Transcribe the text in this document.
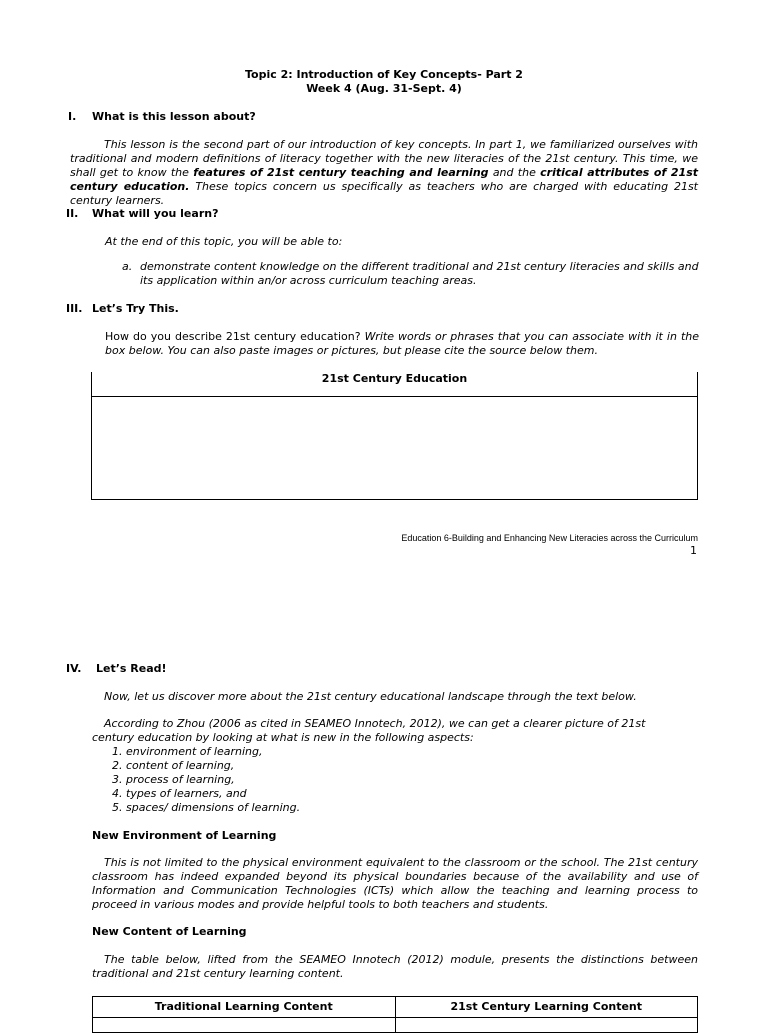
Topic 2: Introduction of Key Concepts- Part 2
Week 4 (Aug. 31-Sept. 4)
I. What is this lesson about?
This lesson is the second part of our introduction of key concepts. In part 1, we familiarized ourselves with traditional and modern definitions of literacy together with the new literacies of the 21st century. This time, we shall get to know the features of 21st century teaching and learning and the critical attributes of 21st century education. These topics concern us specifically as teachers who are charged with educating 21st century learners.
II. What will you learn?
At the end of this topic, you will be able to:
a. demonstrate content knowledge on the different traditional and 21st century literacies and skills and its application within an/or across curriculum teaching areas.
III. Let’s Try This.
How do you describe 21st century education? Write words or phrases that you can associate with it in the box below. You can also paste images or pictures, but please cite the source below them.
21st Century Education
Education 6-Building and Enhancing New Literacies across the Curriculum
1
IV. Let’s Read!
Now, let us discover more about the 21st century educational landscape through the text below.
According to Zhou (2006 as cited in SEAMEO Innotech, 2012), we can get a clearer picture of 21st century education by looking at what is new in the following aspects:
1. environment of learning,
2. content of learning,
3. process of learning,
4. types of learners, and
5. spaces/ dimensions of learning.
New Environment of Learning
This is not limited to the physical environment equivalent to the classroom or the school. The 21st century classroom has indeed expanded beyond its physical boundaries because of the availability and use of Information and Communication Technologies (ICTs) which allow the teaching and learning process to proceed in various modes and provide helpful tools to both teachers and students.
New Content of Learning
The table below, lifted from the SEAMEO Innotech (2012) module, presents the distinctions between traditional and 21st century learning content.
Traditional Learning Content	21st Century Learning Content
